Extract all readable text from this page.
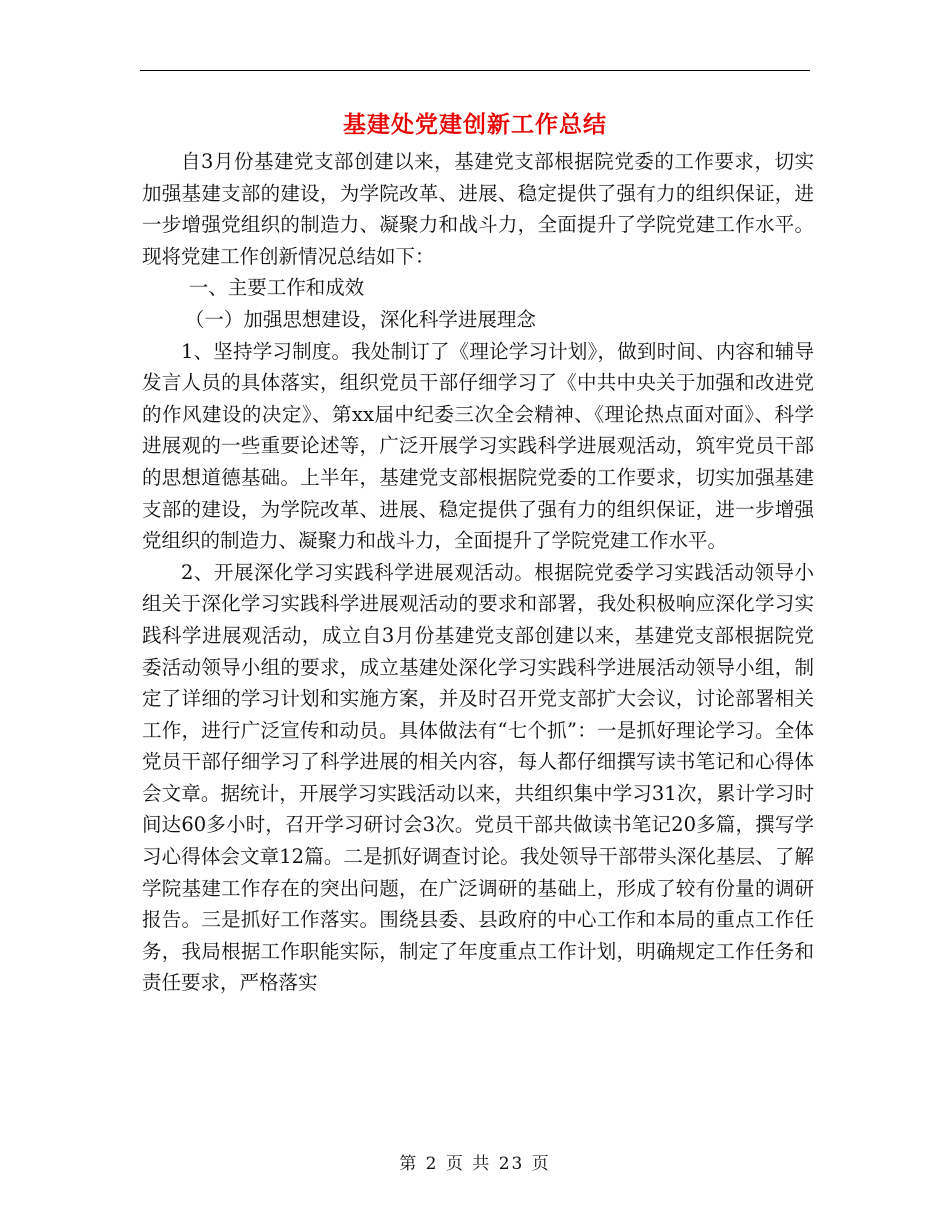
基建处党建创新工作总结

自3月份基建党支部创建以来，基建党支部根据院党委的工作要求，切实加强基建支部的建设，为学院改革、进展、稳定提供了强有力的组织保证，进一步增强党组织的制造力、凝聚力和战斗力，全面提升了学院党建工作水平。现将党建工作创新情况总结如下：

一、主要工作和成效

（一）加强思想建设，深化科学进展理念

1、坚持学习制度。我处制订了《理论学习计划》，做到时间、内容和辅导发言人员的具体落实，组织党员干部仔细学习了《中共中央关于加强和改进党的作风建设的决定》、第xx届中纪委三次全会精神、《理论热点面对面》、科学进展观的一些重要论述等，广泛开展学习实践科学进展观活动，筑牢党员干部的思想道德基础。上半年，基建党支部根据院党委的工作要求，切实加强基建支部的建设，为学院改革、进展、稳定提供了强有力的组织保证，进一步增强党组织的制造力、凝聚力和战斗力，全面提升了学院党建工作水平。

2、开展深化学习实践科学进展观活动。根据院党委学习实践活动领导小组关于深化学习实践科学进展观活动的要求和部署，我处积极响应深化学习实践科学进展观活动，成立自3月份基建党支部创建以来，基建党支部根据院党委活动领导小组的要求，成立基建处深化学习实践科学进展活动领导小组，制定了详细的学习计划和实施方案，并及时召开党支部扩大会议，讨论部署相关工作，进行广泛宣传和动员。具体做法有“七个抓”：一是抓好理论学习。全体党员干部仔细学习了科学进展的相关内容，每人都仔细撰写读书笔记和心得体会文章。据统计，开展学习实践活动以来，共组织集中学习31次，累计学习时间达60多小时，召开学习研讨会3次。党员干部共做读书笔记20多篇，撰写学习心得体会文章12篇。二是抓好调查讨论。我处领导干部带头深化基层、了解学院基建工作存在的突出问题，在广泛调研的基础上，形成了较有份量的调研报告。三是抓好工作落实。围绕县委、县政府的中心工作和本局的重点工作任务，我局根据工作职能实际，制定了年度重点工作计划，明确规定工作任务和责任要求，严格落实

第 2 页 共 23 页
